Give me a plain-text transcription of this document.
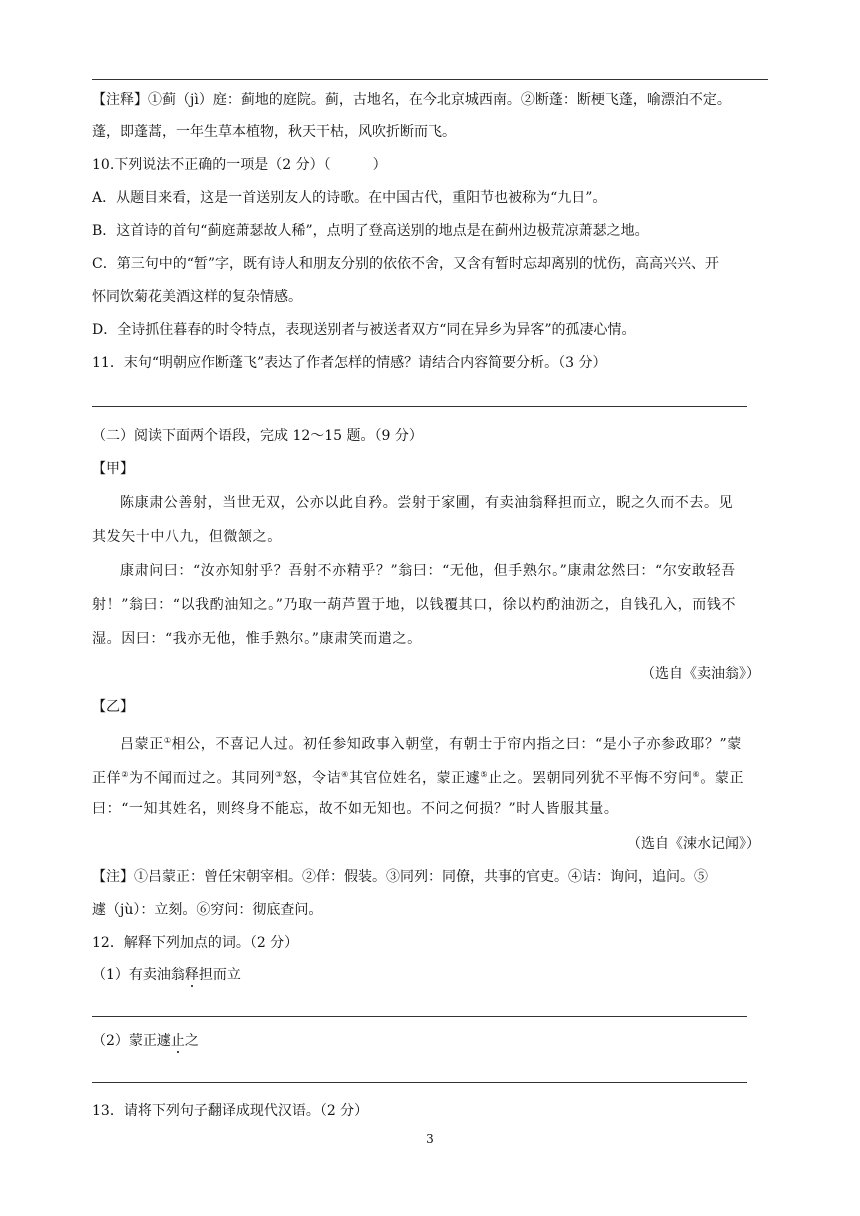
【注释】①蓟（jì）庭：蓟地的庭院。蓟，古地名，在今北京城西南。②断蓬：断梗飞蓬，喻漂泊不定。
蓬，即蓬蒿，一年生草本植物，秋天干枯，风吹折断而飞。
10.下列说法不正确的一项是（2 分）（　　　）
A．从题目来看，这是一首送别友人的诗歌。在中国古代，重阳节也被称为“九日”。
B．这首诗的首句“蓟庭萧瑟故人稀”，点明了登高送别的地点是在蓟州边极荒凉萧瑟之地。
C．第三句中的“暂”字，既有诗人和朋友分别的依依不舍，又含有暂时忘却离别的忧伤，高高兴兴、开
怀同饮菊花美酒这样的复杂情感。
D．全诗抓住暮春的时令特点，表现送别者与被送者双方“同在异乡为异客”的孤凄心情。
11．末句“明朝应作断蓬飞”表达了作者怎样的情感？请结合内容简要分析。（3 分）
（二）阅读下面两个语段，完成 12～15 题。（9 分）
【甲】
陈康肃公善射，当世无双，公亦以此自矜。尝射于家圃，有卖油翁释担而立，睨之久而不去。见
其发矢十中八九，但微颔之。
康肃问曰：“汝亦知射乎？吾射不亦精乎？”翁曰：“无他，但手熟尔。”康肃忿然曰：“尔安敢轻吾
射！”翁曰：“以我酌油知之。”乃取一葫芦置于地，以钱覆其口，徐以杓酌油沥之，自钱孔入，而钱不
湿。因曰：“我亦无他，惟手熟尔。”康肃笑而遣之。
（选自《卖油翁》）
【乙】
吕蒙正①相公，不喜记人过。初任参知政事入朝堂，有朝士于帘内指之曰：“是小子亦参政耶？”蒙
正佯②为不闻而过之。其同列③怒，令诘④其官位姓名，蒙正遽⑤止之。罢朝同列犹不平悔不穷问⑥。蒙正
曰：“一知其姓名，则终身不能忘，故不如无知也。不问之何损？”时人皆服其量。
（选自《涑水记闻》）
【注】①吕蒙正：曾任宋朝宰相。②佯：假装。③同列：同僚，共事的官吏。④诘：询问，追问。⑤
遽（jù）：立刻。⑥穷问：彻底查问。
12．解释下列加点的词。（2 分）
（1）有卖油翁释担而立
（2）蒙正遽止之
13．请将下列句子翻译成现代汉语。（2 分）
3
